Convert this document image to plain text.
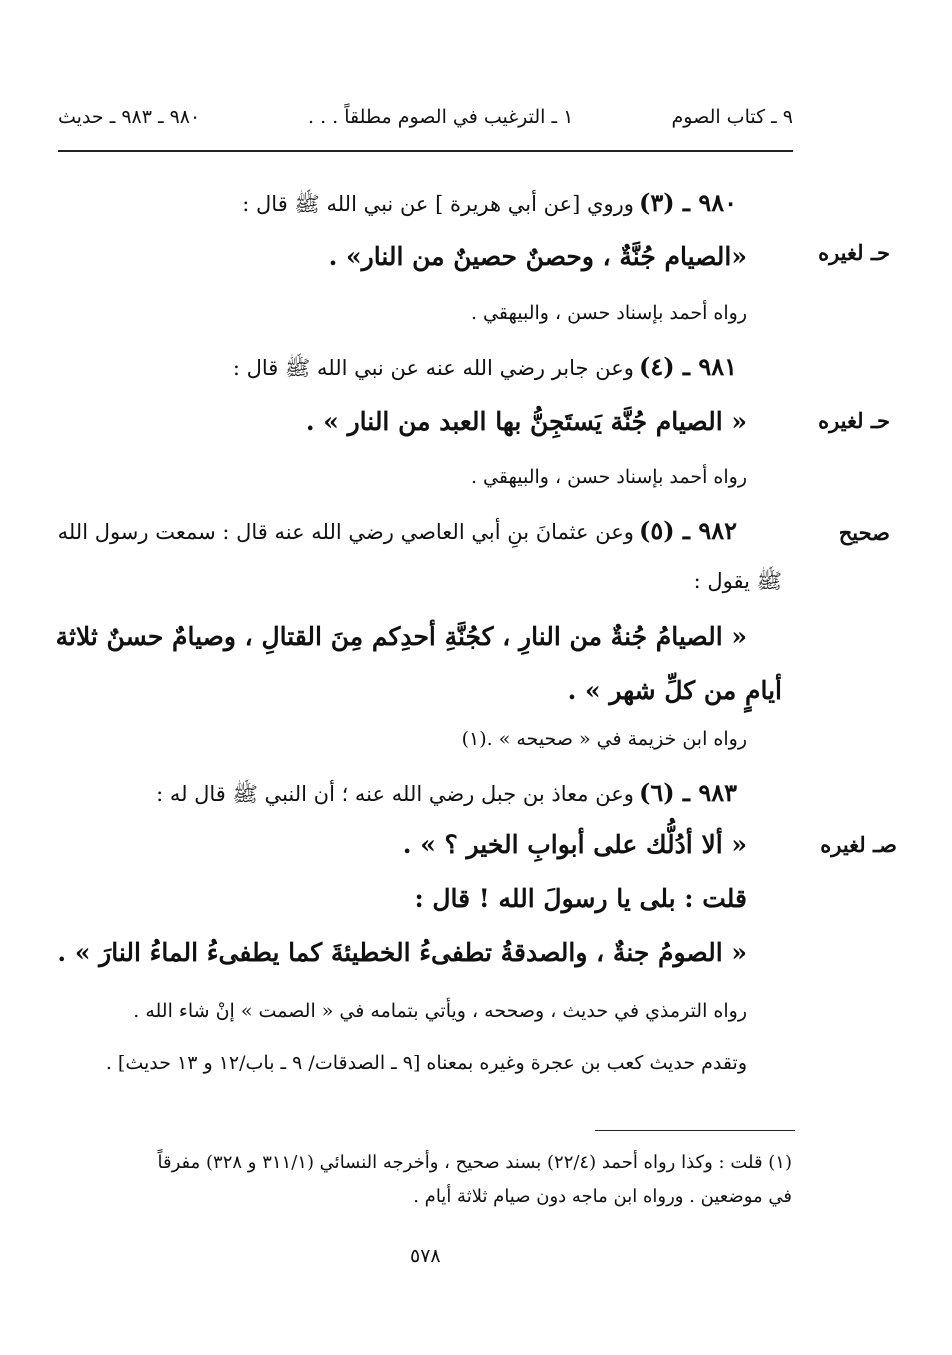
٩ ـ كتاب الصوم
١ ـ الترغيب في الصوم مطلقاً . . .
٩٨٠ ـ ٩٨٣ ـ حديث
٩٨٠ ـ (٣) وروي [عن أبي هريرة ] عن نبي الله ﷺ قال :
حـ لغيره
«الصيام جُنَّةٌ ، وحصنٌ حصينٌ من النار» .
رواه أحمد بإسناد حسن ، والبيهقي .
٩٨١ ـ (٤) وعن جابر رضي الله عنه عن نبي الله ﷺ قال :
حـ لغيره
« الصيام جُنَّة يَستَجِنُّ بها العبد من النار » .
رواه أحمد بإسناد حسن ، والبيهقي .
صحيح
٩٨٢ ـ (٥) وعن عثمانَ بنِ أبي العاصي رضي الله عنه قال : سمعت رسول الله
ﷺ يقول :
« الصيامُ جُنةٌ من النارِ ، كجُنَّةِ أحدِكم مِنَ القتالِ ، وصيامٌ حسنٌ ثلاثة
أيامٍ من كلِّ شهر » .
رواه ابن خزيمة في « صحيحه » .(١)
٩٨٣ ـ (٦) وعن معاذ بن جبل رضي الله عنه ؛ أن النبي ﷺ قال له :
صـ لغيره
« ألا أدُلُّك على أبوابِ الخير ؟ » .
قلت : بلى يا رسولَ الله ! قال :
« الصومُ جنةٌ ، والصدقةُ تطفىءُ الخطيئةَ كما يطفىءُ الماءُ النارَ » .
رواه الترمذي في حديث ، وصححه ، ويأتي بتمامه في « الصمت » إنْ شاء الله .
وتقدم حديث كعب بن عجرة وغيره بمعناه [٩ ـ الصدقات/ ٩ ـ باب/١٢ و ١٣ حديث] .
(١) قلت : وكذا رواه أحمد (٢٢/٤) بسند صحيح ، وأخرجه النسائي (٣١١/١ و ٣٢٨) مفرقاً
في موضعين . ورواه ابن ماجه دون صيام ثلاثة أيام .
٥٧٨
